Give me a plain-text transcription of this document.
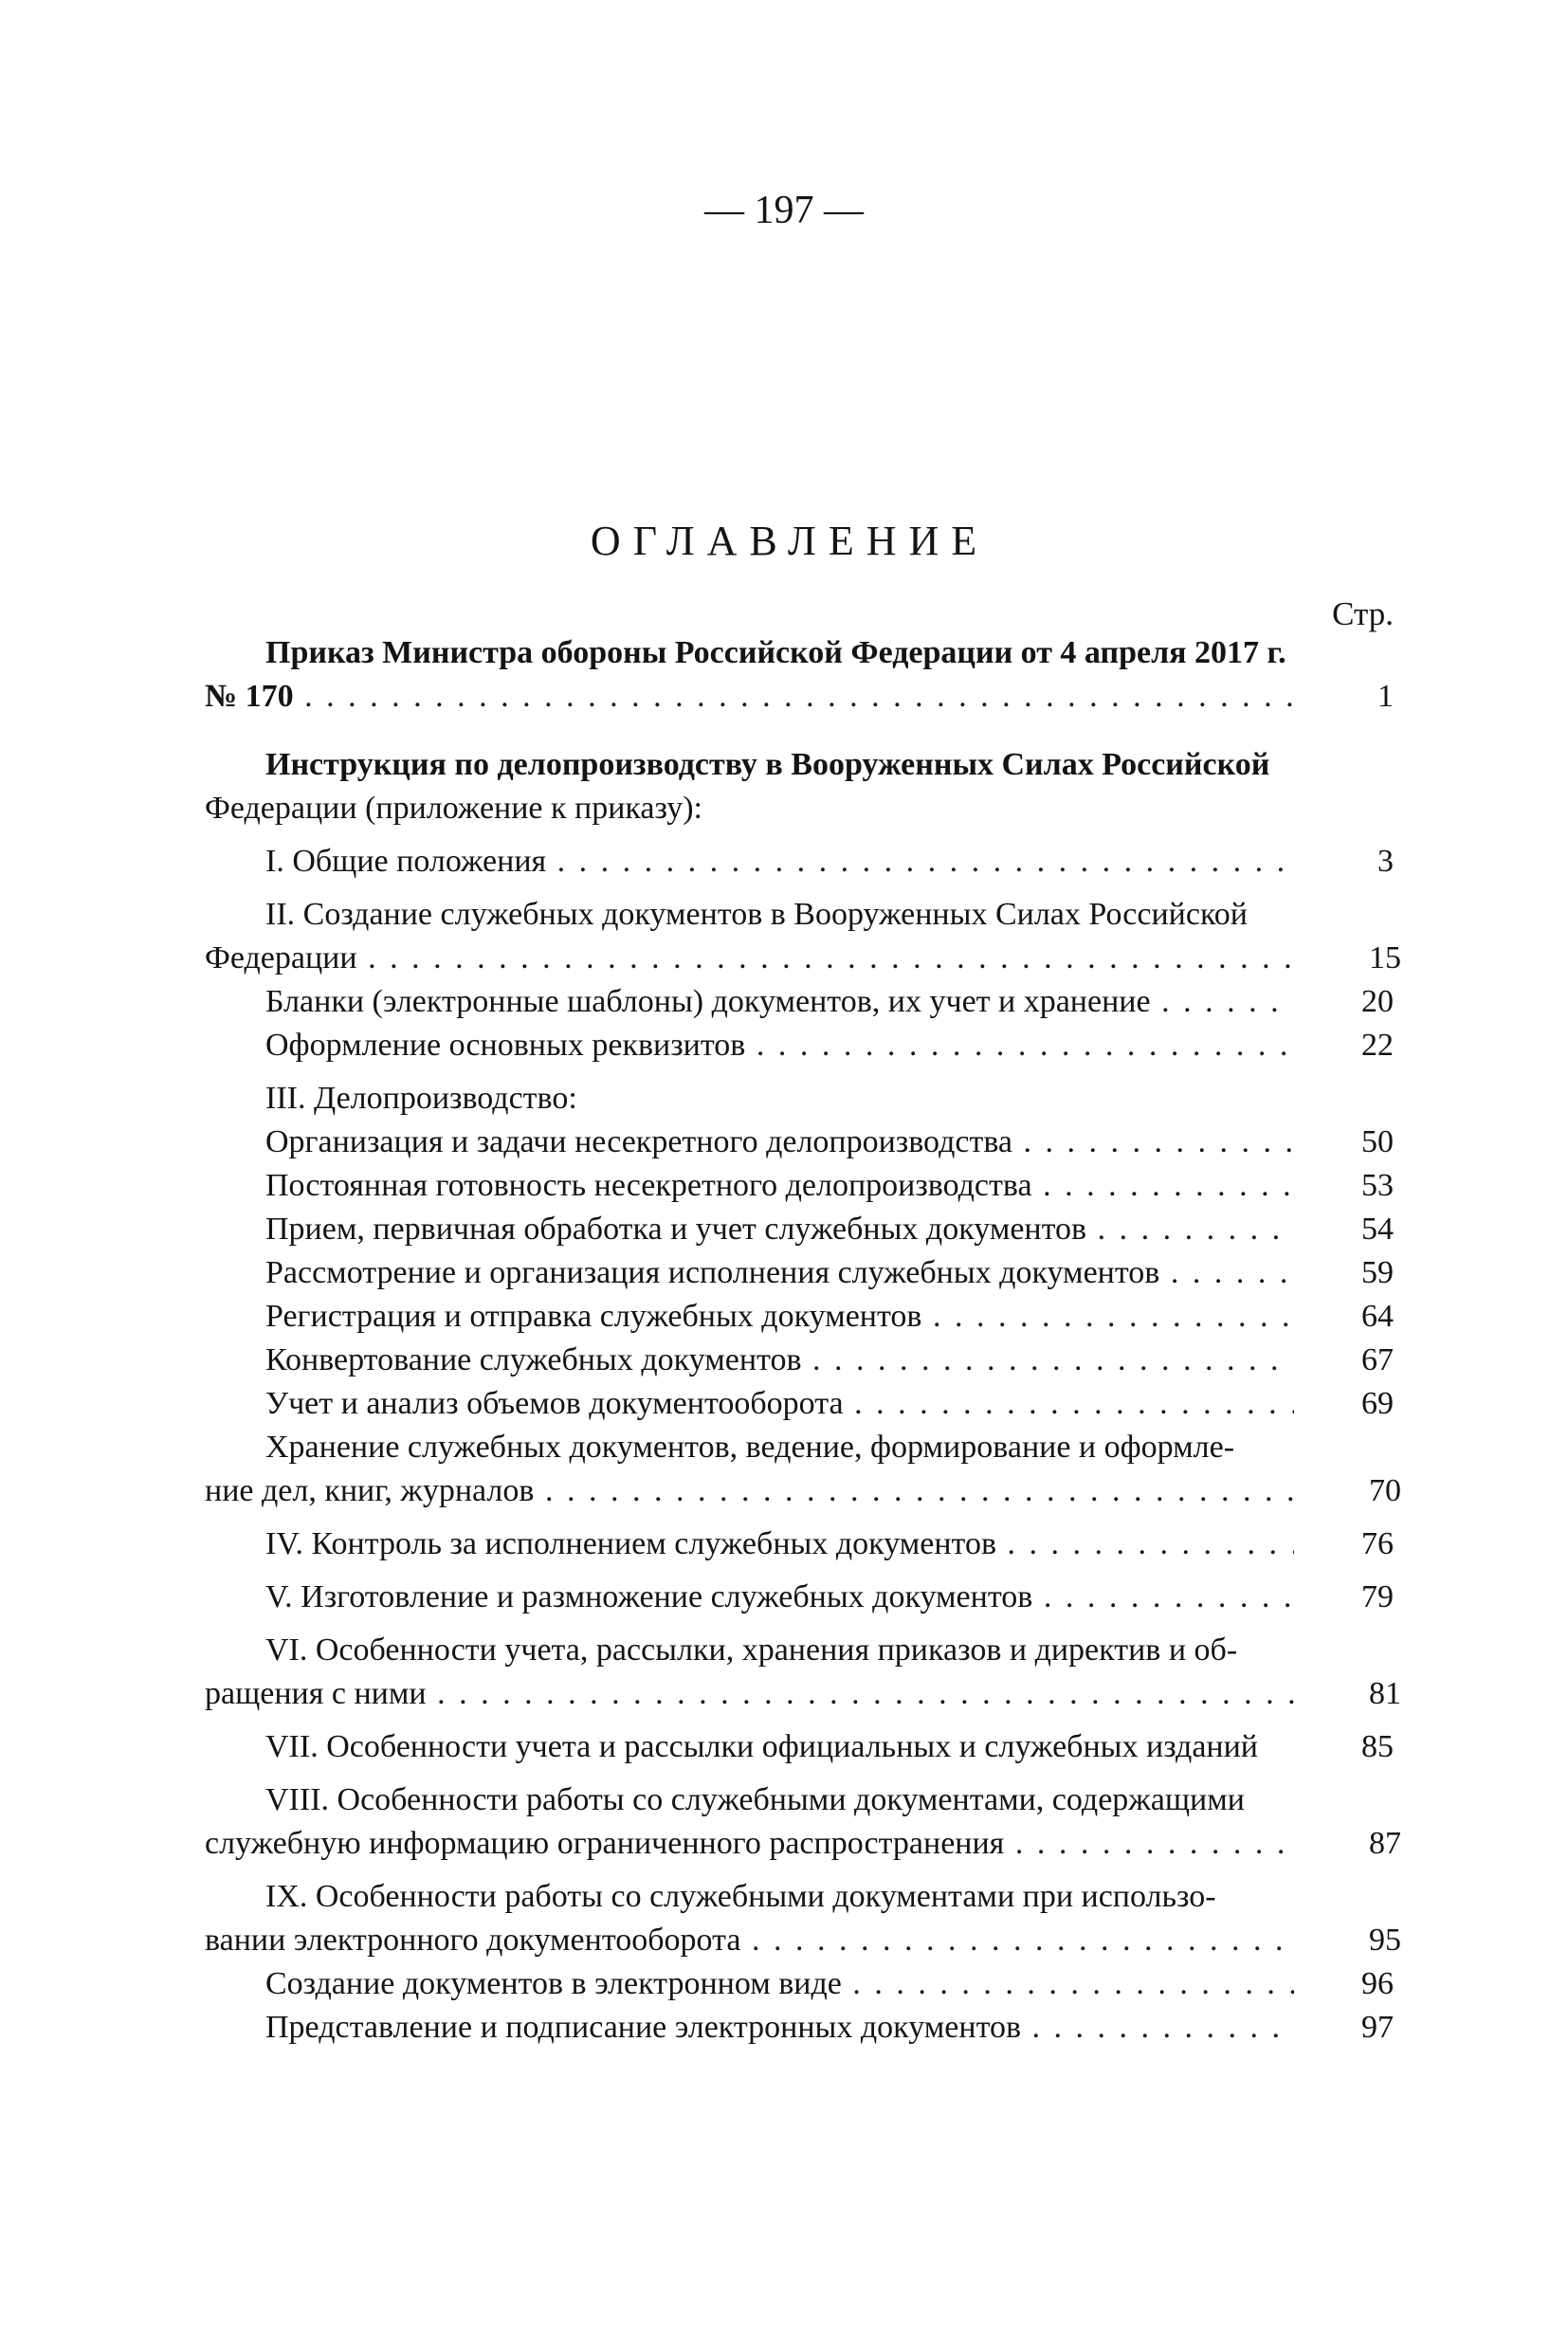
— 197 —
ОГЛАВЛЕНИЕ
Стр.
Приказ Министра обороны Российской Федерации от 4 апреля 2017 г.
№ 170 . . .	1
Инструкция по делопроизводству в Вооруженных Силах Российской Федерации (приложение к приказу):
I. Общие положения . . .	3
II. Создание служебных документов в Вооруженных Силах Российской
Федерации . . .	15
Бланки (электронные шаблоны) документов, их учет и хранение . . .	20
Оформление основных реквизитов . . .	22
III. Делопроизводство:
Организация и задачи несекретного делопроизводства . . .	50
Постоянная готовность несекретного делопроизводства . . .	53
Прием, первичная обработка и учет служебных документов . . .	54
Рассмотрение и организация исполнения служебных документов . . .	59
Регистрация и отправка служебных документов . . .	64
Конвертование служебных документов . . .	67
Учет и анализ объемов документооборота . . .	69
Хранение служебных документов, ведение, формирование и оформле-
ние дел, книг, журналов . . .	70
IV. Контроль за исполнением служебных документов . . .	76
V. Изготовление и размножение служебных документов . . .	79
VI. Особенности учета, рассылки, хранения приказов и директив и об-
ращения с ними . . .	81
VII. Особенности учета и рассылки официальных и служебных изданий	85
VIII. Особенности работы со служебными документами, содержащими
служебную информацию ограниченного распространения . . .	87
IX. Особенности работы со служебными документами при использо-
вании электронного документооборота . . .	95
Создание документов в электронном виде . . .	96
Представление и подписание электронных документов . . .	97
